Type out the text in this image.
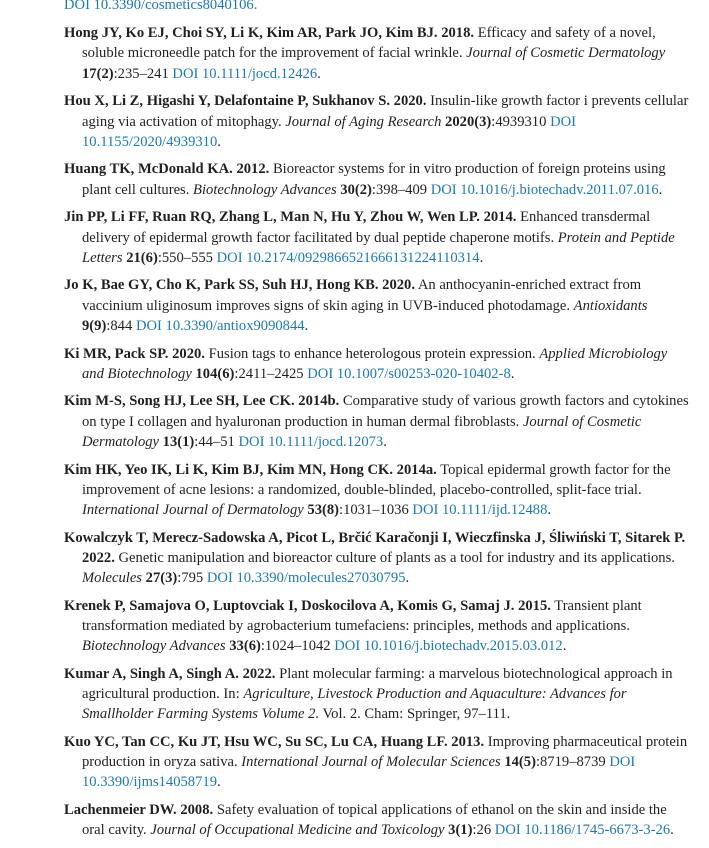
DOI 10.3390/cosmetics8040106.
Hong JY, Ko EJ, Choi SY, Li K, Kim AR, Park JO, Kim BJ. 2018. Efficacy and safety of a novel, soluble microneedle patch for the improvement of facial wrinkle. Journal of Cosmetic Dermatology 17(2):235–241 DOI 10.1111/jocd.12426.
Hou X, Li Z, Higashi Y, Delafontaine P, Sukhanov S. 2020. Insulin-like growth factor i prevents cellular aging via activation of mitophagy. Journal of Aging Research 2020(3):4939310 DOI 10.1155/2020/4939310.
Huang TK, McDonald KA. 2012. Bioreactor systems for in vitro production of foreign proteins using plant cell cultures. Biotechnology Advances 30(2):398–409 DOI 10.1016/j.biotechadv.2011.07.016.
Jin PP, Li FF, Ruan RQ, Zhang L, Man N, Hu Y, Zhou W, Wen LP. 2014. Enhanced transdermal delivery of epidermal growth factor facilitated by dual peptide chaperone motifs. Protein and Peptide Letters 21(6):550–555 DOI 10.2174/09298665216661312241103​14.
Jo K, Bae GY, Cho K, Park SS, Suh HJ, Hong KB. 2020. An anthocyanin-enriched extract from vaccinium uliginosum improves signs of skin aging in UVB-induced photodamage. Antioxidants 9(9):844 DOI 10.3390/antiox9090844.
Ki MR, Pack SP. 2020. Fusion tags to enhance heterologous protein expression. Applied Microbiology and Biotechnology 104(6):2411–2425 DOI 10.1007/s00253-020-10402-8.
Kim M-S, Song HJ, Lee SH, Lee CK. 2014b. Comparative study of various growth factors and cytokines on type I collagen and hyaluronan production in human dermal fibroblasts. Journal of Cosmetic Dermatology 13(1):44–51 DOI 10.1111/jocd.12073.
Kim HK, Yeo IK, Li K, Kim BJ, Kim MN, Hong CK. 2014a. Topical epidermal growth factor for the improvement of acne lesions: a randomized, double-blinded, placebo-controlled, split-face trial. International Journal of Dermatology 53(8):1031–1036 DOI 10.1111/ijd.12488.
Kowalczyk T, Merecz-Sadowska A, Picot L, Brčić Karačonji I, Wieczfinska J, Śliwiński T, Sitarek P. 2022. Genetic manipulation and bioreactor culture of plants as a tool for industry and its applications. Molecules 27(3):795 DOI 10.3390/molecules27030795.
Krenek P, Samajova O, Luptovciak I, Doskocilova A, Komis G, Samaj J. 2015. Transient plant transformation mediated by agrobacterium tumefaciens: principles, methods and applications. Biotechnology Advances 33(6):1024–1042 DOI 10.1016/j.biotechadv.2015.03.012.
Kumar A, Singh A, Singh A. 2022. Plant molecular farming: a marvelous biotechnological approach in agricultural production. In: Agriculture, Livestock Production and Aquaculture: Advances for Smallholder Farming Systems Volume 2. Vol. 2. Cham: Springer, 97–111.
Kuo YC, Tan CC, Ku JT, Hsu WC, Su SC, Lu CA, Huang LF. 2013. Improving pharmaceutical protein production in oryza sativa. International Journal of Molecular Sciences 14(5):8719–8739 DOI 10.3390/ijms14058719.
Lachenmeier DW. 2008. Safety evaluation of topical applications of ethanol on the skin and inside the oral cavity. Journal of Occupational Medicine and Toxicology 3(1):26 DOI 10.1186/1745-6673-3-26.
